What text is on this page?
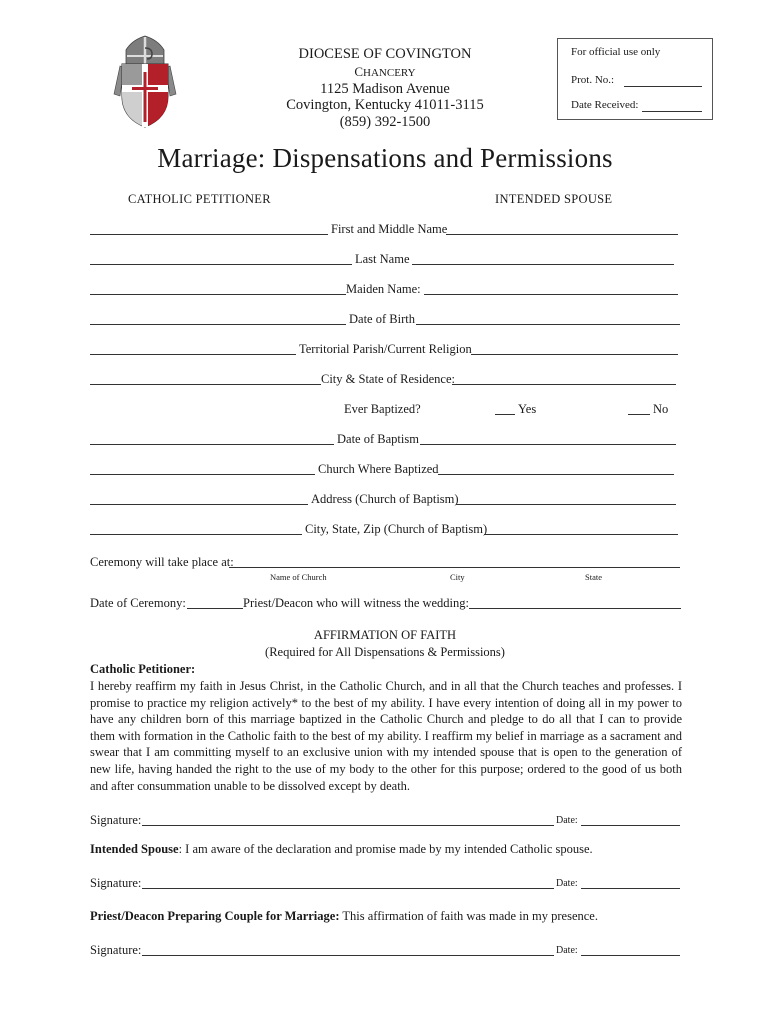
DIOCESE OF COVINGTON
CHANCERY
1125 Madison Avenue
Covington, Kentucky 41011-3115
(859) 392-1500
For official use only
Prot. No.:
Date Received:
Marriage: Dispensations and Permissions
CATHOLIC PETITIONER	INTENDED SPOUSE
First and Middle Name
Last Name
Maiden Name:
Date of Birth
Territorial Parish/Current Religion
City & State of Residence:
Ever Baptized?	Yes	No
Date of Baptism
Church Where Baptized
Address (Church of Baptism)
City, State, Zip (Church of Baptism)
Ceremony will take place at:
Name of Church	City	State
Date of Ceremony:	Priest/Deacon who will witness the wedding:
AFFIRMATION OF FAITH
(Required for All Dispensations & Permissions)
Catholic Petitioner:
I hereby reaffirm my faith in Jesus Christ, in the Catholic Church, and in all that the Church teaches and professes. I promise to practice my religion actively* to the best of my ability. I have every intention of doing all in my power to have any children born of this marriage baptized in the Catholic Church and pledge to do all that I can to provide them with formation in the Catholic faith to the best of my ability. I reaffirm my belief in marriage as a sacrament and swear that I am committing myself to an exclusive union with my intended spouse that is open to the generation of new life, having handed the right to the use of my body to the other for this purpose; ordered to the good of us both and after consummation unable to be dissolved except by death.
Signature:	Date:
Intended Spouse: I am aware of the declaration and promise made by my intended Catholic spouse.
Signature:	Date:
Priest/Deacon Preparing Couple for Marriage: This affirmation of faith was made in my presence.
Signature:	Date:
